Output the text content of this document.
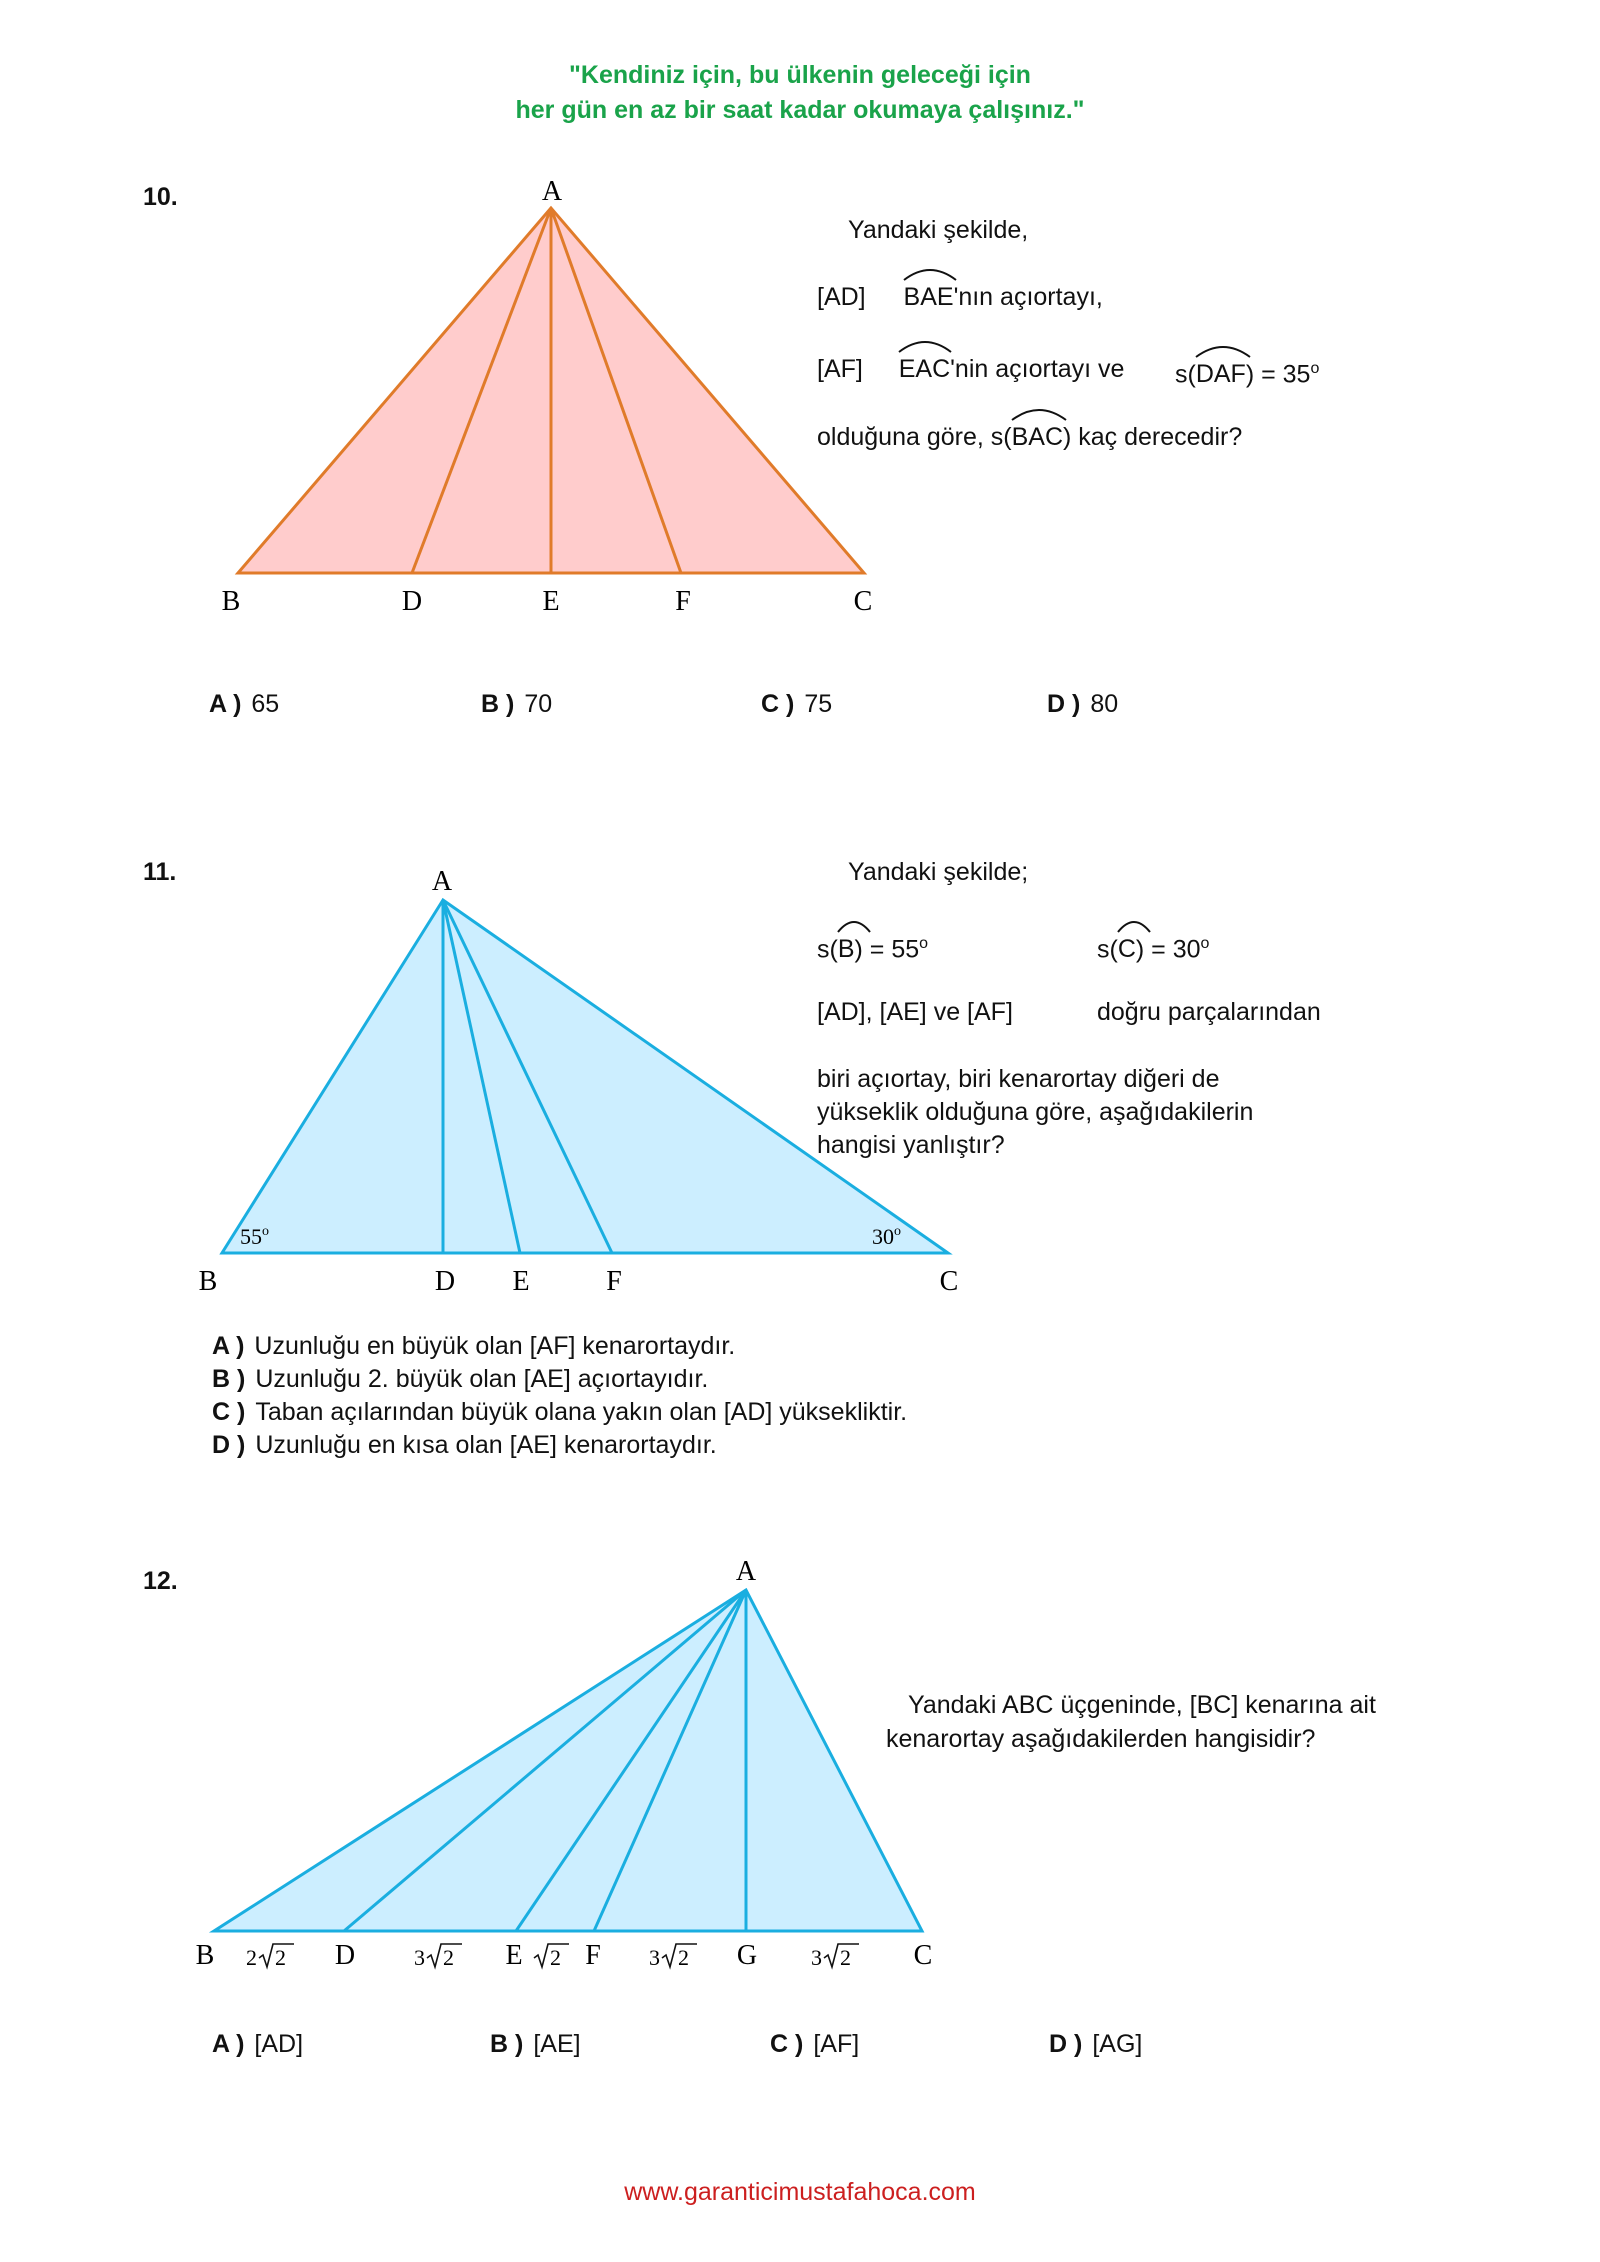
"Kendiniz için, bu ülkenin geleceği için
her gün en az bir saat kadar okumaya çalışınız."
10.	A
B	D	E	F	C
Yandaki şekilde,
[AD] BAE'nın açıortayı,
[AF] EAC'nin açıortayı ve s(
$DAF) = 35^o$
olduğuna göre, s(
BAC) kaç derecedir?
A ) 65	B ) 70	C ) 75	D ) 80
11.	A
B	D E	F	C
55$^o$	30$^o$
Yandaki şekilde;
s(
$B) = 55^o$	s(
$C) = 30^o$
[AD], [AE] ve [AF]	doğru parçalarından
biri açıortay, biri kenarortay diğeri de
yükseklik olduğuna göre, aşağıdakilerin
hangisi yanlıştır?
A ) Uzunluğu en büyük olan [AF] kenarortaydır.
B ) Uzunluğu 2. büyük olan [AE] açıortayıdır.
C ) Taban açılarından büyük olana yakın olan [AD] yüksekliktir.
D ) Uzunluğu en kısa olan [AE] kenarortaydır.
12.	A
B	D	E F	G	C
2 2	3 2	2	3 2	3 2
Yandaki ABC üçgeninde, [BC] kenarına ait
kenarortay aşağıdakilerden hangisidir?
A ) [AD]	B ) [AE]	C ) [AF]	D ) [AG]
www.garanticimustafahoca.com
